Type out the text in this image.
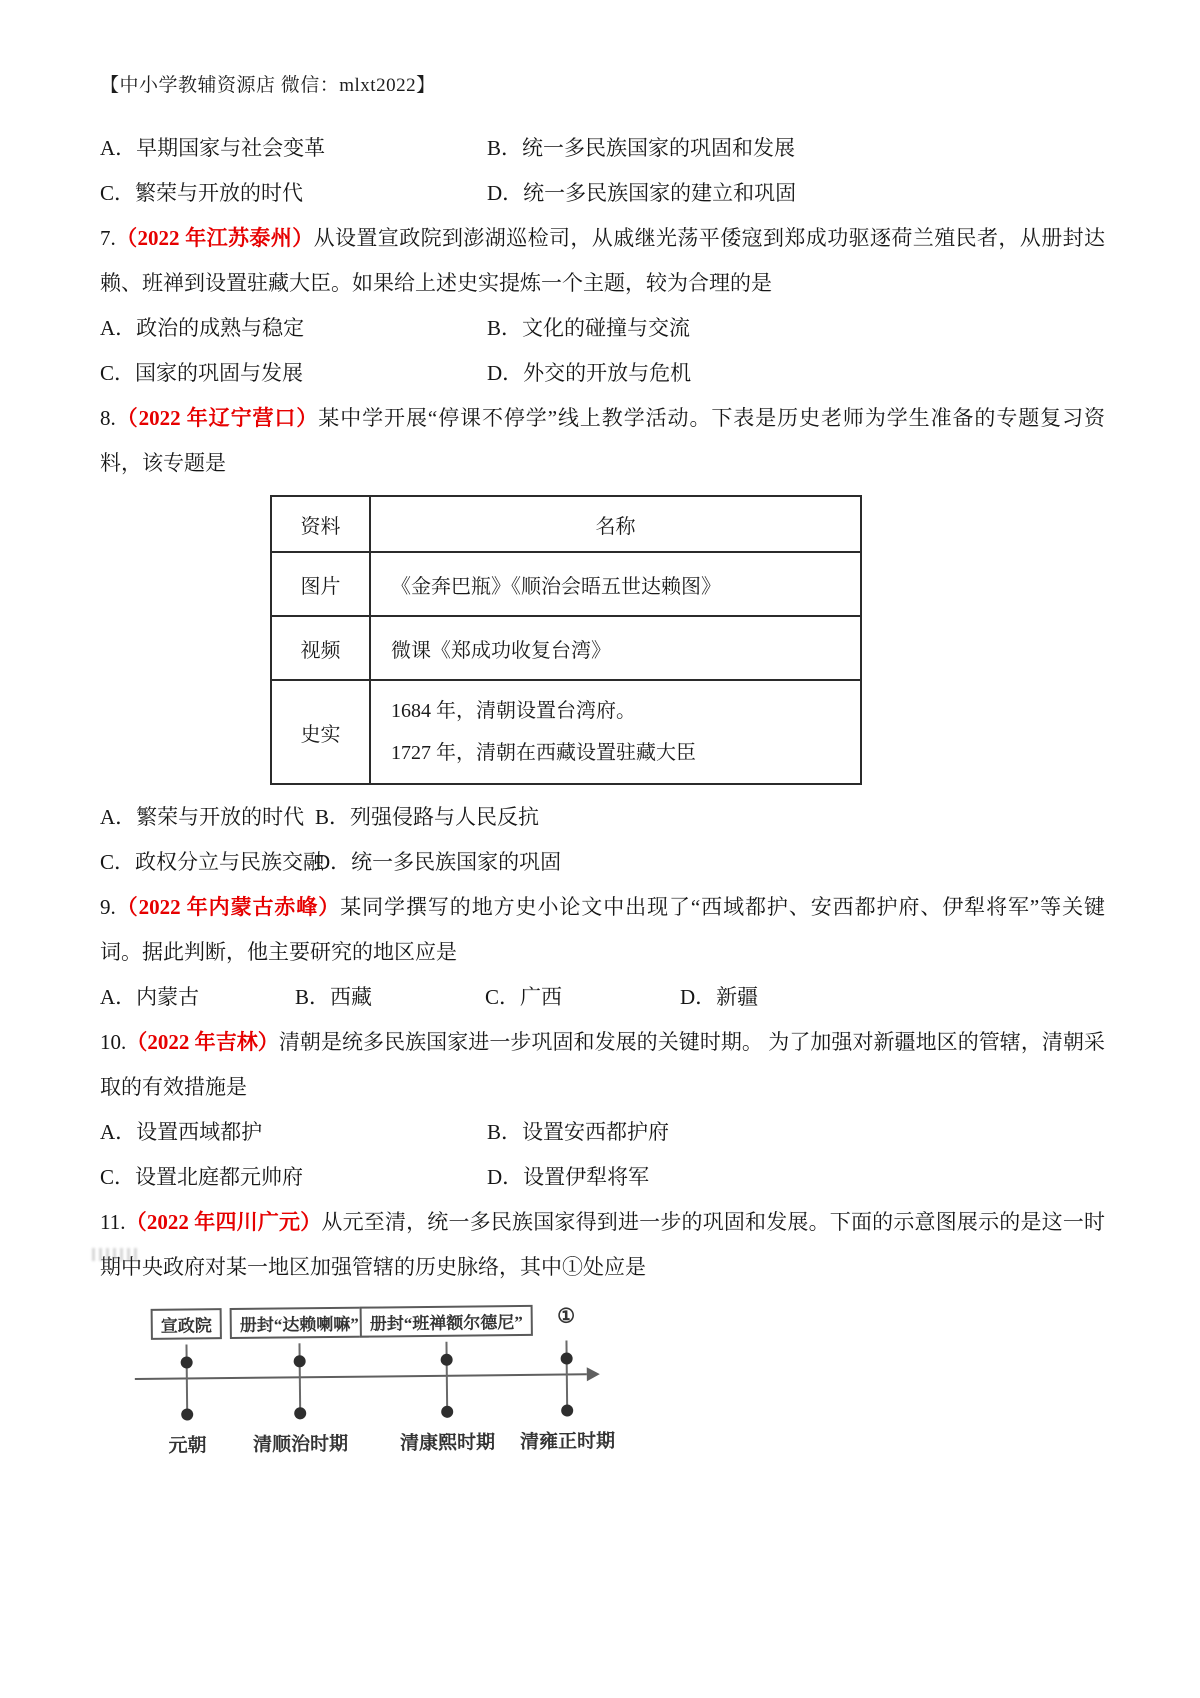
【中小学教辅资源店 微信：mlxt2022】
A．早期国家与社会变革	B．统一多民族国家的巩固和发展
C．繁荣与开放的时代	D．统一多民族国家的建立和巩固

7.（2022 年江苏泰州）从设置宣政院到澎湖巡检司，从戚继光荡平倭寇到郑成功驱逐荷兰殖民者，从册封达赖、班禅到设置驻藏大臣。如果给上述史实提炼一个主题，较为合理的是

A．政治的成熟与稳定	B．文化的碰撞与交流
C．国家的巩固与发展	D．外交的开放与危机

8.（2022 年辽宁营口）某中学开展“停课不停学”线上教学活动。下表是历史老师为学生准备的专题复习资料，该专题是

资料	名称
图片	《金奔巴瓶》《顺治会晤五世达赖图》
视频	微课《郑成功收复台湾》
史实	1684 年，清朝设置台湾府。
1727 年，清朝在西藏设置驻藏大臣
A．繁荣与开放的时代 B．列强侵路与人民反抗
C．政权分立与民族交融
D．统一多民族国家的巩固

9.（2022 年内蒙古赤峰）某同学撰写的地方史小论文中出现了“西域都护、安西都护府、伊犁将军”等关键词。据此判断，他主要研究的地区应是

A．内蒙古	B．西藏	C．广西	D．新疆

10.（2022 年吉林）清朝是统多民族国家进一步巩固和发展的关键时期。 为了加强对新疆地区的管辖，清朝采取的有效措施是

A．设置西域都护	B．设置安西都护府
C．设置北庭都元帅府	D．设置伊犁将军

11.（2022 年四川广元）从元至清，统一多民族国家得到进一步的巩固和发展。下面的示意图展示的是这一时期中央政府对某一地区加强管辖的历史脉络，其中①处应是

宣政院
元朝
册封“达赖喇嘛”
清顺治时期
册封“班禅额尔德尼”
清康熙时期
①
清雍正时期
